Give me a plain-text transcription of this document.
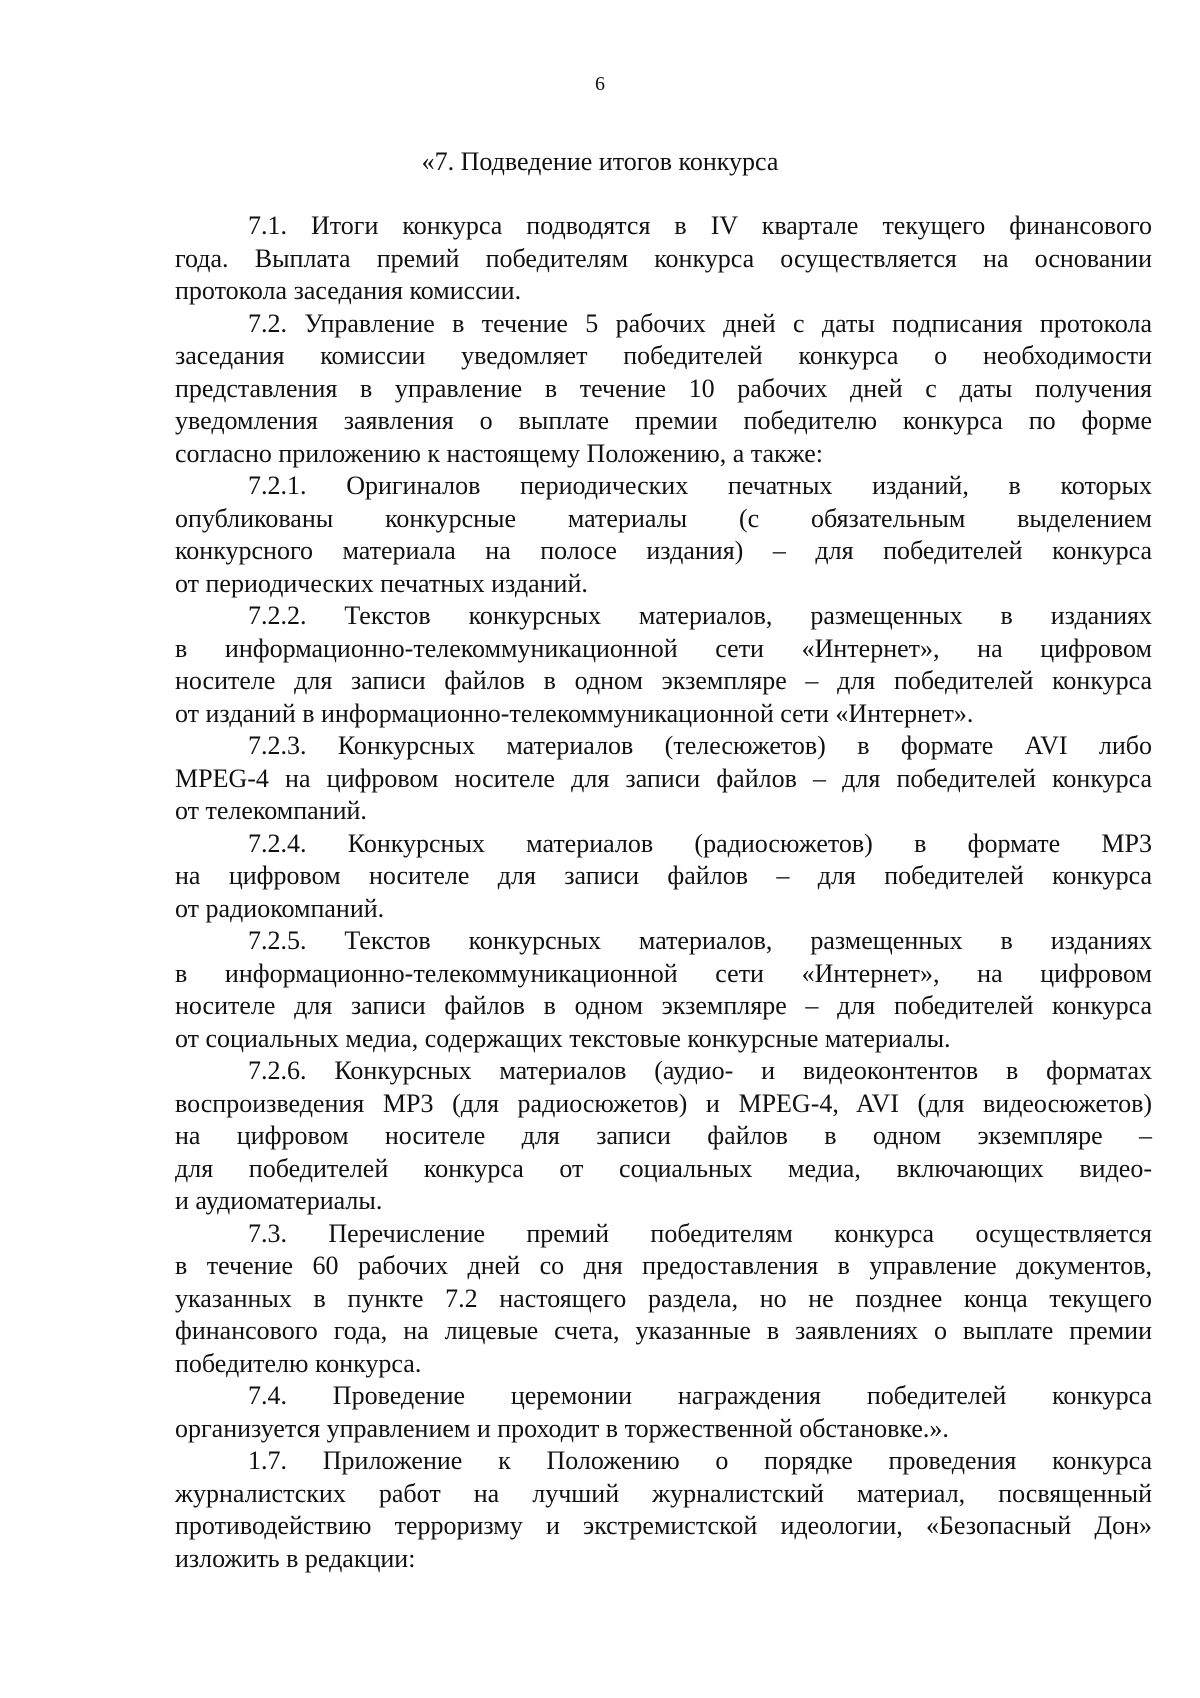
6
«7. Подведение итогов конкурса
7.1. Итоги конкурса подводятся в IV квартале текущего финансового
года. Выплата премий победителям конкурса осуществляется на основании
протокола заседания комиссии.
7.2. Управление в течение 5 рабочих дней с даты подписания протокола
заседания комиссии уведомляет победителей конкурса о необходимости
представления в управление в течение 10 рабочих дней с даты получения
уведомления заявления о выплате премии победителю конкурса по форме
согласно приложению к настоящему Положению, а также:
7.2.1. Оригиналов периодических печатных изданий, в которых
опубликованы конкурсные материалы (с обязательным выделением
конкурсного материала на полосе издания) – для победителей конкурса
от периодических печатных изданий.
7.2.2. Текстов конкурсных материалов, размещенных в изданиях
в информационно-телекоммуникационной сети «Интернет», на цифровом
носителе для записи файлов в одном экземпляре – для победителей конкурса
от изданий в информационно-телекоммуникационной сети «Интернет».
7.2.3. Конкурсных материалов (телесюжетов) в формате AVI либо
MPEG-4 на цифровом носителе для записи файлов – для победителей конкурса
от телекомпаний.
7.2.4. Конкурсных материалов (радиосюжетов) в формате MP3
на цифровом носителе для записи файлов – для победителей конкурса
от радиокомпаний.
7.2.5. Текстов конкурсных материалов, размещенных в изданиях
в информационно-телекоммуникационной сети «Интернет», на цифровом
носителе для записи файлов в одном экземпляре – для победителей конкурса
от социальных медиа, содержащих текстовые конкурсные материалы.
7.2.6. Конкурсных материалов (аудио- и видеоконтентов в форматах
воспроизведения MP3 (для радиосюжетов) и MPEG-4, AVI (для видеосюжетов)
на цифровом носителе для записи файлов в одном экземпляре –
для победителей конкурса от социальных медиа, включающих видео-
и аудиоматериалы.
7.3. Перечисление премий победителям конкурса осуществляется
в течение 60 рабочих дней со дня предоставления в управление документов,
указанных в пункте 7.2 настоящего раздела, но не позднее конца текущего
финансового года, на лицевые счета, указанные в заявлениях о выплате премии
победителю конкурса.
7.4. Проведение церемонии награждения победителей конкурса
организуется управлением и проходит в торжественной обстановке.».
1.7. Приложение к Положению о порядке проведения конкурса
журналистских работ на лучший журналистский материал, посвященный
противодействию терроризму и экстремистской идеологии, «Безопасный Дон»
изложить в редакции:
